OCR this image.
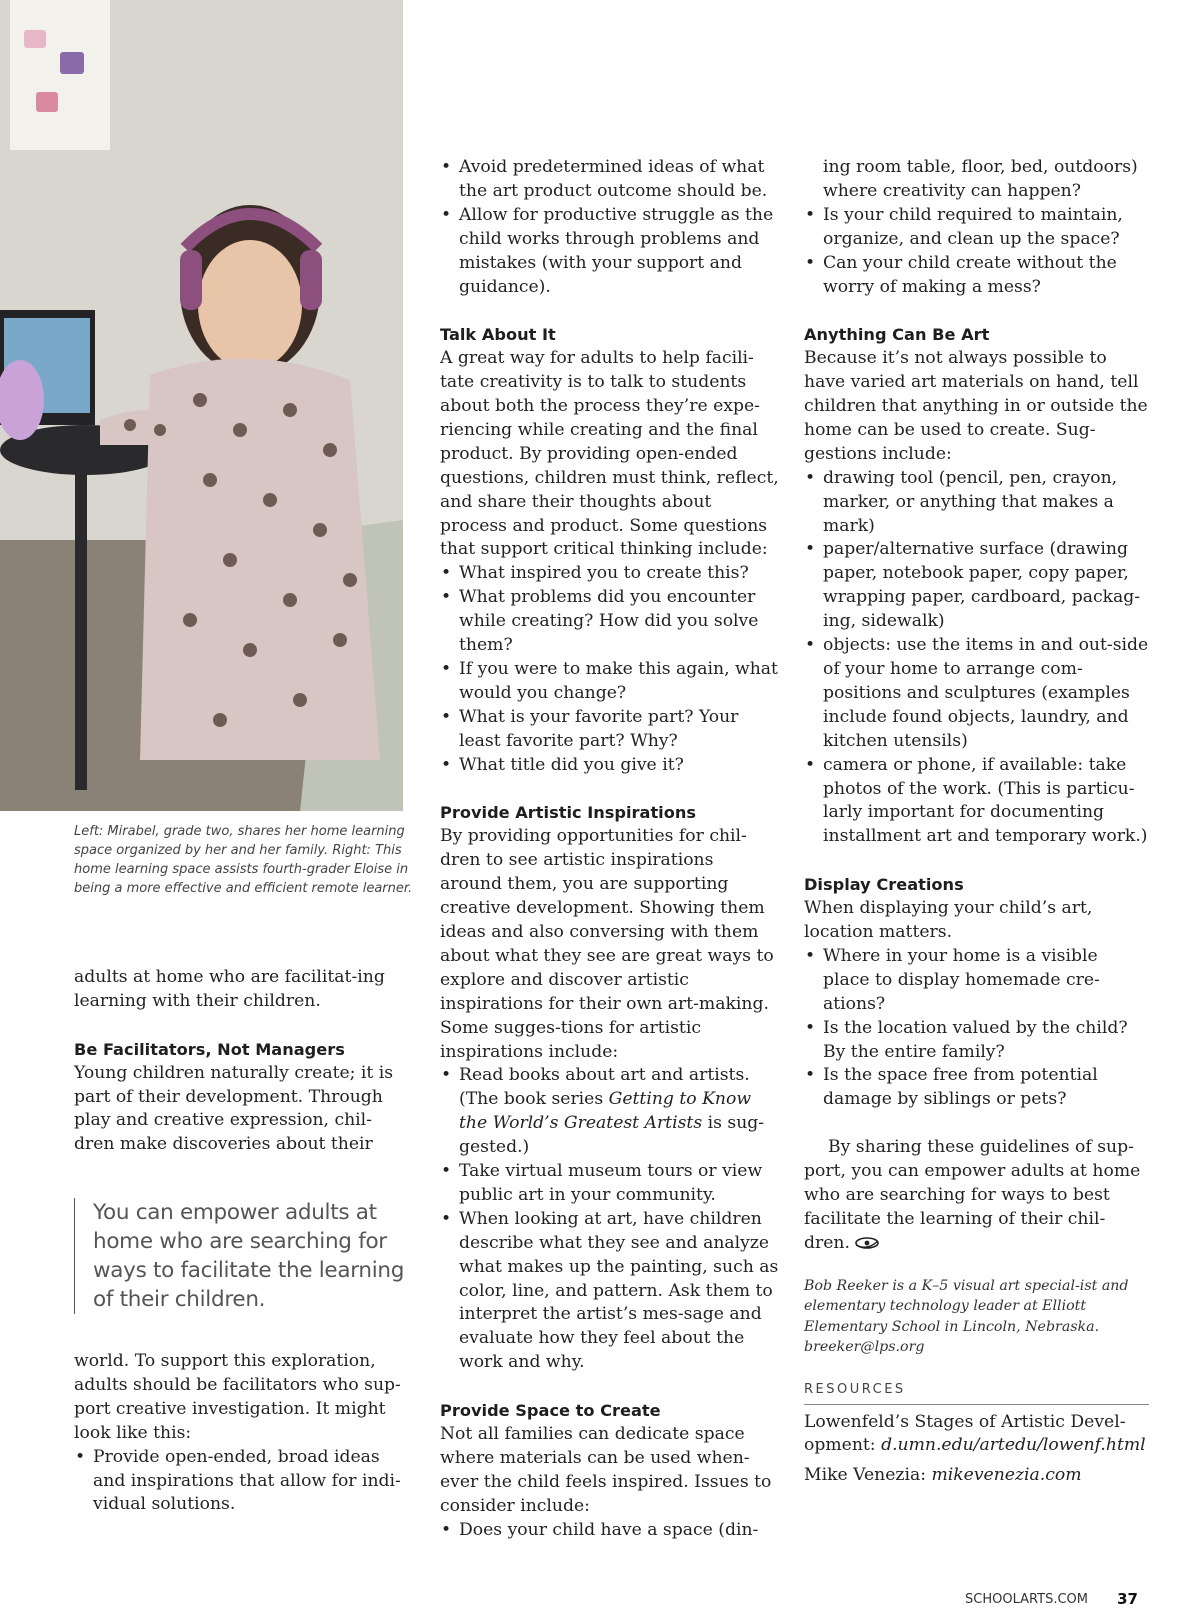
Left: Mirabel, grade two, shares her home learning space organized by her and her family. Right: This home learning space assists fourth-grader Eloise in being a more effective and efficient remote learner.

adults at home who are facilitat-ing learning with their children.

Be Facilitators, Not Managers

Young children naturally create; it is part of their development. Through play and creative expression, chil-dren make discoveries about their

You can empower adults at home who are searching for ways to facilitate the learning of their children.

world. To support this exploration, adults should be facilitators who sup-port creative investigation. It might look like this:

• Provide open-ended, broad ideas and inspirations that allow for indi-vidual solutions.
• Avoid predetermined ideas of what the art product outcome should be.
• Allow for productive struggle as the child works through problems and mistakes (with your support and guidance).
Talk About It

A great way for adults to help facili-tate creativity is to talk to students about both the process they’re expe-riencing while creating and the final product. By providing open-ended questions, children must think, reflect, and share their thoughts about process and product. Some questions that support critical thinking include:

• What inspired you to create this?
• What problems did you encounter while creating? How did you solve them?
• If you were to make this again, what would you change?
• What is your favorite part? Your least favorite part? Why?
• What title did you give it?
Provide Artistic Inspirations

By providing opportunities for chil-dren to see artistic inspirations around them, you are supporting creative development. Showing them ideas and also conversing with them about what they see are great ways to explore and discover artistic inspirations for their own art-making. Some sugges-tions for artistic inspirations include:

• Read books about art and artists. (The book series Getting to Know the World’s Greatest Artists is sug-gested.)
• Take virtual museum tours or view public art in your community.
• When looking at art, have children describe what they see and analyze what makes up the painting, such as color, line, and pattern. Ask them to interpret the artist’s mes-sage and evaluate how they feel about the work and why.
Provide Space to Create

Not all families can dedicate space where materials can be used when-ever the child feels inspired. Issues to consider include:

• Does your child have a space (din-

ing room table, floor, bed, outdoors) where creativity can happen?

• Is your child required to maintain, organize, and clean up the space?
• Can your child create without the worry of making a mess?
Anything Can Be Art

Because it’s not always possible to have varied art materials on hand, tell children that anything in or outside the home can be used to create. Sug-gestions include:

• drawing tool (pencil, pen, crayon, marker, or anything that makes a mark)
• paper/alternative surface (drawing paper, notebook paper, copy paper, wrapping paper, cardboard, packag-ing, sidewalk)
• objects: use the items in and out-side of your home to arrange com-positions and sculptures (examples include found objects, laundry, and kitchen utensils)
• camera or phone, if available: take photos of the work. (This is particu-larly important for documenting installment art and temporary work.)
Display Creations

When displaying your child’s art, location matters.

• Where in your home is a visible place to display homemade cre-ations?
• Is the location valued by the child? By the entire family?
• Is the space free from potential damage by siblings or pets?

By sharing these guidelines of sup-port, you can empower adults at home who are searching for ways to best facilitate the learning of their chil-dren.

Bob Reeker is a K–5 visual art special-ist and elementary technology leader at Elliott Elementary School in Lincoln, Nebraska. breeker@lps.org

RESOURCES

Lowenfeld’s Stages of Artistic Devel-opment: d.umn.edu/artedu/lowenf.html

Mike Venezia: mikevenezia.com

SCHOOLARTS.COM 37
